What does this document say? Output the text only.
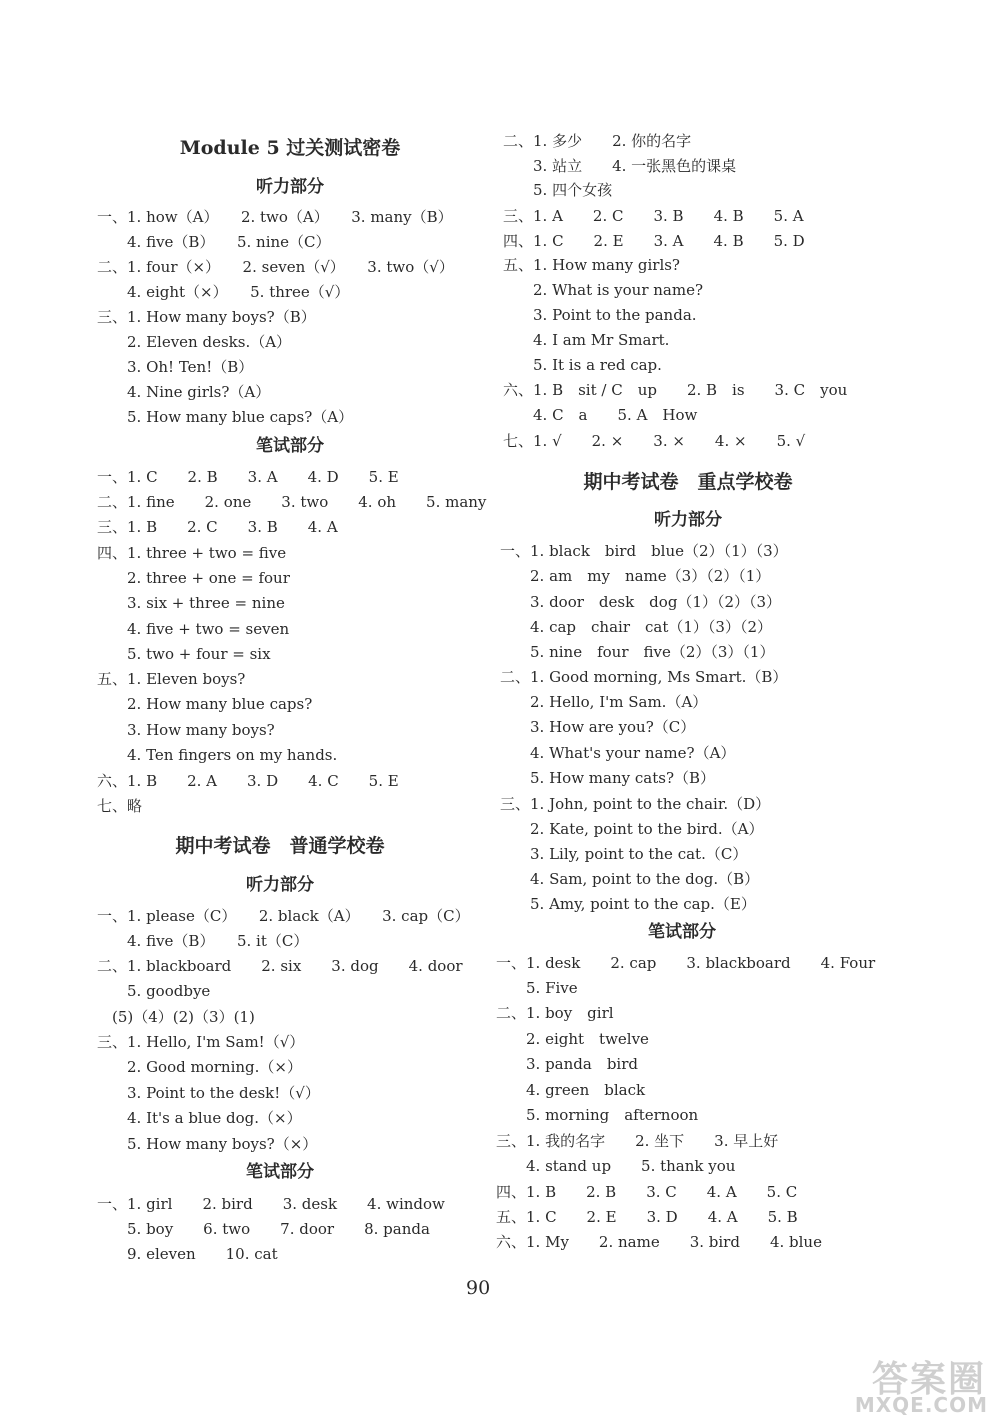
Module 5 过关测试密卷
听力部分
一、1. how（A）　　2. two（A）　　3. many（B）
　　4. five（B）　　5. nine（C）
二、1. four（×）　　2. seven（√）　　3. two（√）
　　4. eight（×）　　5. three（√）
三、1. How many boys?（B）
　　2. Eleven desks.（A）
　　3. Oh! Ten!（B）
　　4. Nine girls?（A）
　　5. How many blue caps?（A）
笔试部分
一、1. C　　2. B　　3. A　　4. D　　5. E
二、1. fine　　2. one　　3. two　　4. oh　　5. many
三、1. B　　2. C　　3. B　　4. A
四、1. three + two = five
　　2. three + one = four
　　3. six + three = nine
　　4. five + two = seven
　　5. two + four = six
五、1. Eleven boys?
　　2. How many blue caps?
　　3. How many boys?
　　4. Ten fingers on my hands.
六、1. B　　2. A　　3. D　　4. C　　5. E
七、略
期中考试卷　普通学校卷
听力部分
一、1. please（C）　　2. black（A）　　3. cap（C）
　　4. five（B）　　5. it（C）
二、1. blackboard　　2. six　　3. dog　　4. door
　　5. goodbye
　(5)（4）(2)（3）(1)
三、1. Hello, I'm Sam!（√）
　　2. Good morning.（×）
　　3. Point to the desk!（√）
　　4. It's a blue dog.（×）
　　5. How many boys?（×）
笔试部分
一、1. girl　　2. bird　　3. desk　　4. window
　　5. boy　　6. two　　7. door　　8. panda
　　9. eleven　　10. cat
二、1. 多少　　2. 你的名字
　　3. 站立　　4. 一张黑色的课桌
　　5. 四个女孩
三、1. A　　2. C　　3. B　　4. B　　5. A
四、1. C　　2. E　　3. A　　4. B　　5. D
五、1. How many girls?
　　2. What is your name?
　　3. Point to the panda.
　　4. I am Mr Smart.
　　5. It is a red cap.
六、1. B　sit / C　up　　2. B　is　　3. C　you
　　4. C　a　　5. A　How
七、1. √　　2. ×　　3. ×　　4. ×　　5. √
期中考试卷　重点学校卷
听力部分
一、1. black　bird　blue（2）（1）（3）
　　2. am　my　name（3）（2）（1）
　　3. door　desk　dog（1）（2）（3）
　　4. cap　chair　cat（1）（3）（2）
　　5. nine　four　five（2）（3）（1）
二、1. Good morning, Ms Smart.（B）
　　2. Hello, I'm Sam.（A）
　　3. How are you?（C）
　　4. What's your name?（A）
　　5. How many cats?（B）
三、1. John, point to the chair.（D）
　　2. Kate, point to the bird.（A）
　　3. Lily, point to the cat.（C）
　　4. Sam, point to the dog.（B）
　　5. Amy, point to the cap.（E）
笔试部分
一、1. desk　　2. cap　　3. blackboard　　4. Four
　　5. Five
二、1. boy　girl
　　2. eight　twelve
　　3. panda　bird
　　4. green　black
　　5. morning　afternoon
三、1. 我的名字　　2. 坐下　　3. 早上好
　　4. stand up　　5. thank you
四、1. B　　2. B　　3. C　　4. A　　5. C
五、1. C　　2. E　　3. D　　4. A　　5. B
六、1. My　　2. name　　3. bird　　4. blue
90
答案圈
MXQE.COM
